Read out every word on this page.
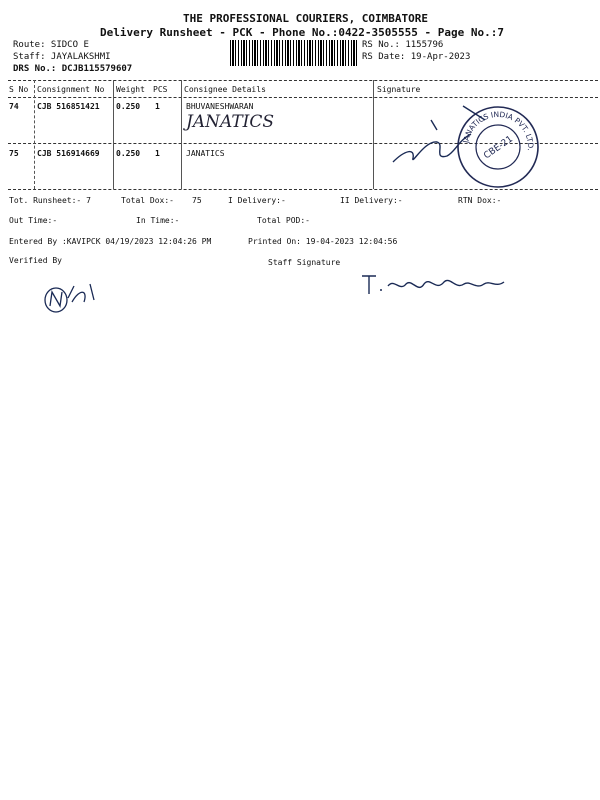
THE PROFESSIONAL COURIERS, COIMBATORE
Delivery Runsheet - PCK - Phone No.:0422-3505555 - Page No.:7
Route: SIDCO E
Staff: JAYALAKSHMI
DRS No.: DCJB115579607
RS No.: 1155796
RS Date: 19-Apr-2023
S No Consignment No Weight PCS Consignee Details	Signature
74 CJB 516851421 0.250 1	BHUVANESHWARAN
JANATICS
75 CJB 516914669 0.250 1	JANATICS	CBE-21
JANATICS INDIA PVT. LTD.
Tot. Runsheet:- 7	Total Dox:- 75	I Delivery:-	II Delivery:-	RTN Dox:-
Out Time:-	In Time:-	Total POD:-
Entered By :KAVIPCK 04/19/2023 12:04:26 PM	Printed On: 19-04-2023 12:04:56
Verified By	Staff Signature
